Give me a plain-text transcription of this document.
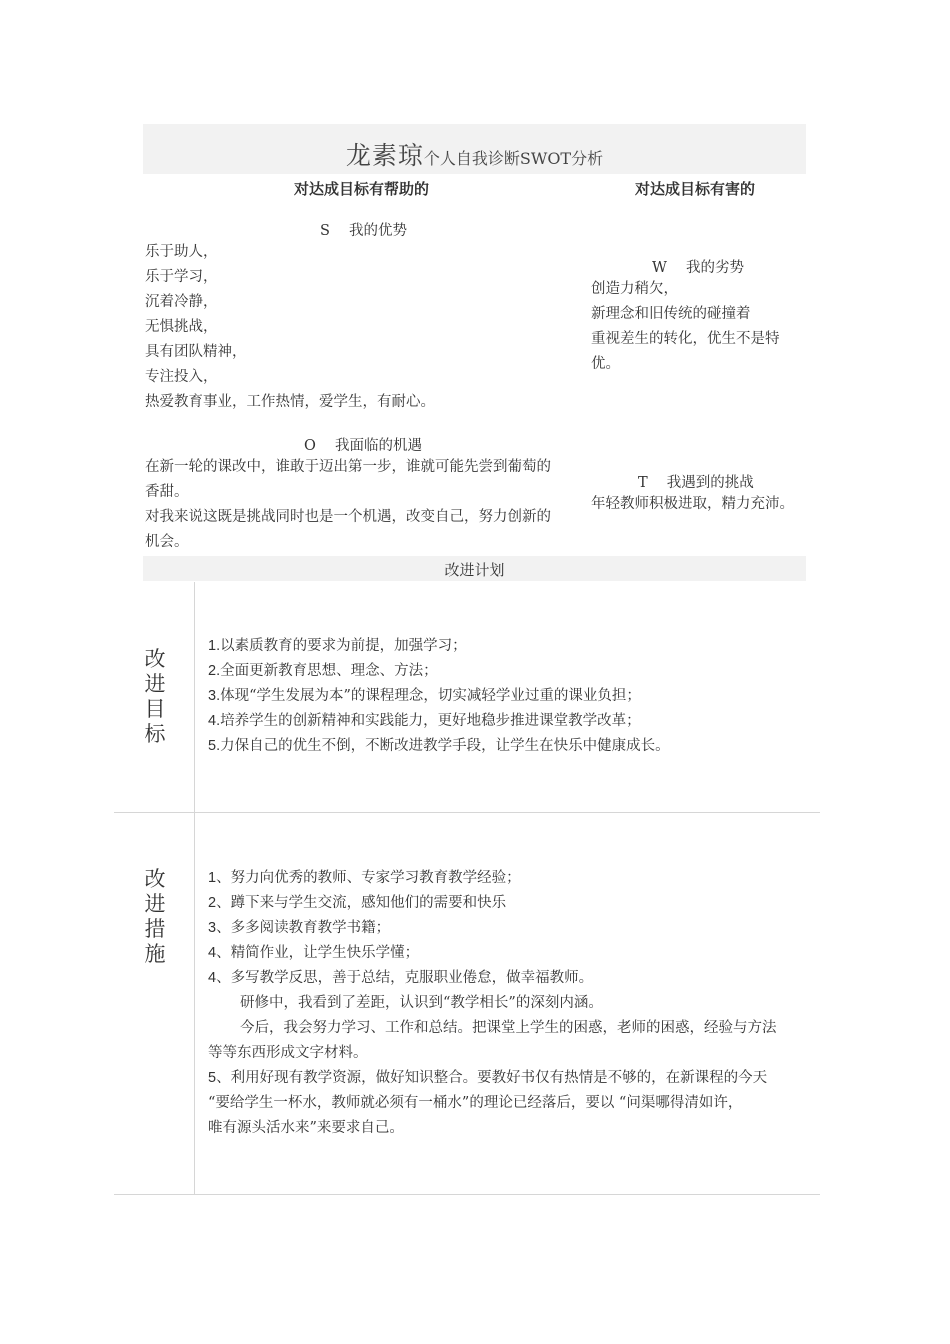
龙素琼个人自我诊断SWOT分析
对达成目标有帮助的	对达成目标有害的
S　 我的优势
乐于助人，
乐于学习，
沉着冷静，
无惧挑战，
具有团队精神，
专注投入，
热爱教育事业，工作热情，爱学生，有耐心。
W　 我的劣势
创造力稍欠，
新理念和旧传统的碰撞着
重视差生的转化，优生不是特
优。
O　 我面临的机遇
在新一轮的课改中，谁敢于迈出第一步，谁就可能先尝到葡萄的
香甜。
对我来说这既是挑战同时也是一个机遇，改变自己，努力创新的
机会。
T　 我遇到的挑战
年轻教师积极进取，精力充沛。
改进计划
改
进
目
标
1.以素质教育的要求为前提，加强学习；
2.全面更新教育思想、理念、方法；
3.体现“学生发展为本”的课程理念，切实减轻学业过重的课业负担；
4.培养学生的创新精神和实践能力，更好地稳步推进课堂教学改革；
5.力保自己的优生不倒，不断改进教学手段，让学生在快乐中健康成长。
改
进
措
施
1、努力向优秀的教师、专家学习教育教学经验；
2、蹲下来与学生交流，感知他们的需要和快乐
3、多多阅读教育教学书籍；
4、精简作业，让学生快乐学懂；
4、多写教学反思，善于总结，克服职业倦怠，做幸福教师。
研修中，我看到了差距，认识到“教学相长”的深刻内涵。
今后，我会努力学习、工作和总结。把课堂上学生的困惑，老师的困惑，经验与方法
等等东西形成文字材料。
5、利用好现有教学资源，做好知识整合。要教好书仅有热情是不够的，在新课程的今天
“要给学生一杯水，教师就必须有一桶水”的理论已经落后，要以 “问渠哪得清如许，
唯有源头活水来”来要求自己。
